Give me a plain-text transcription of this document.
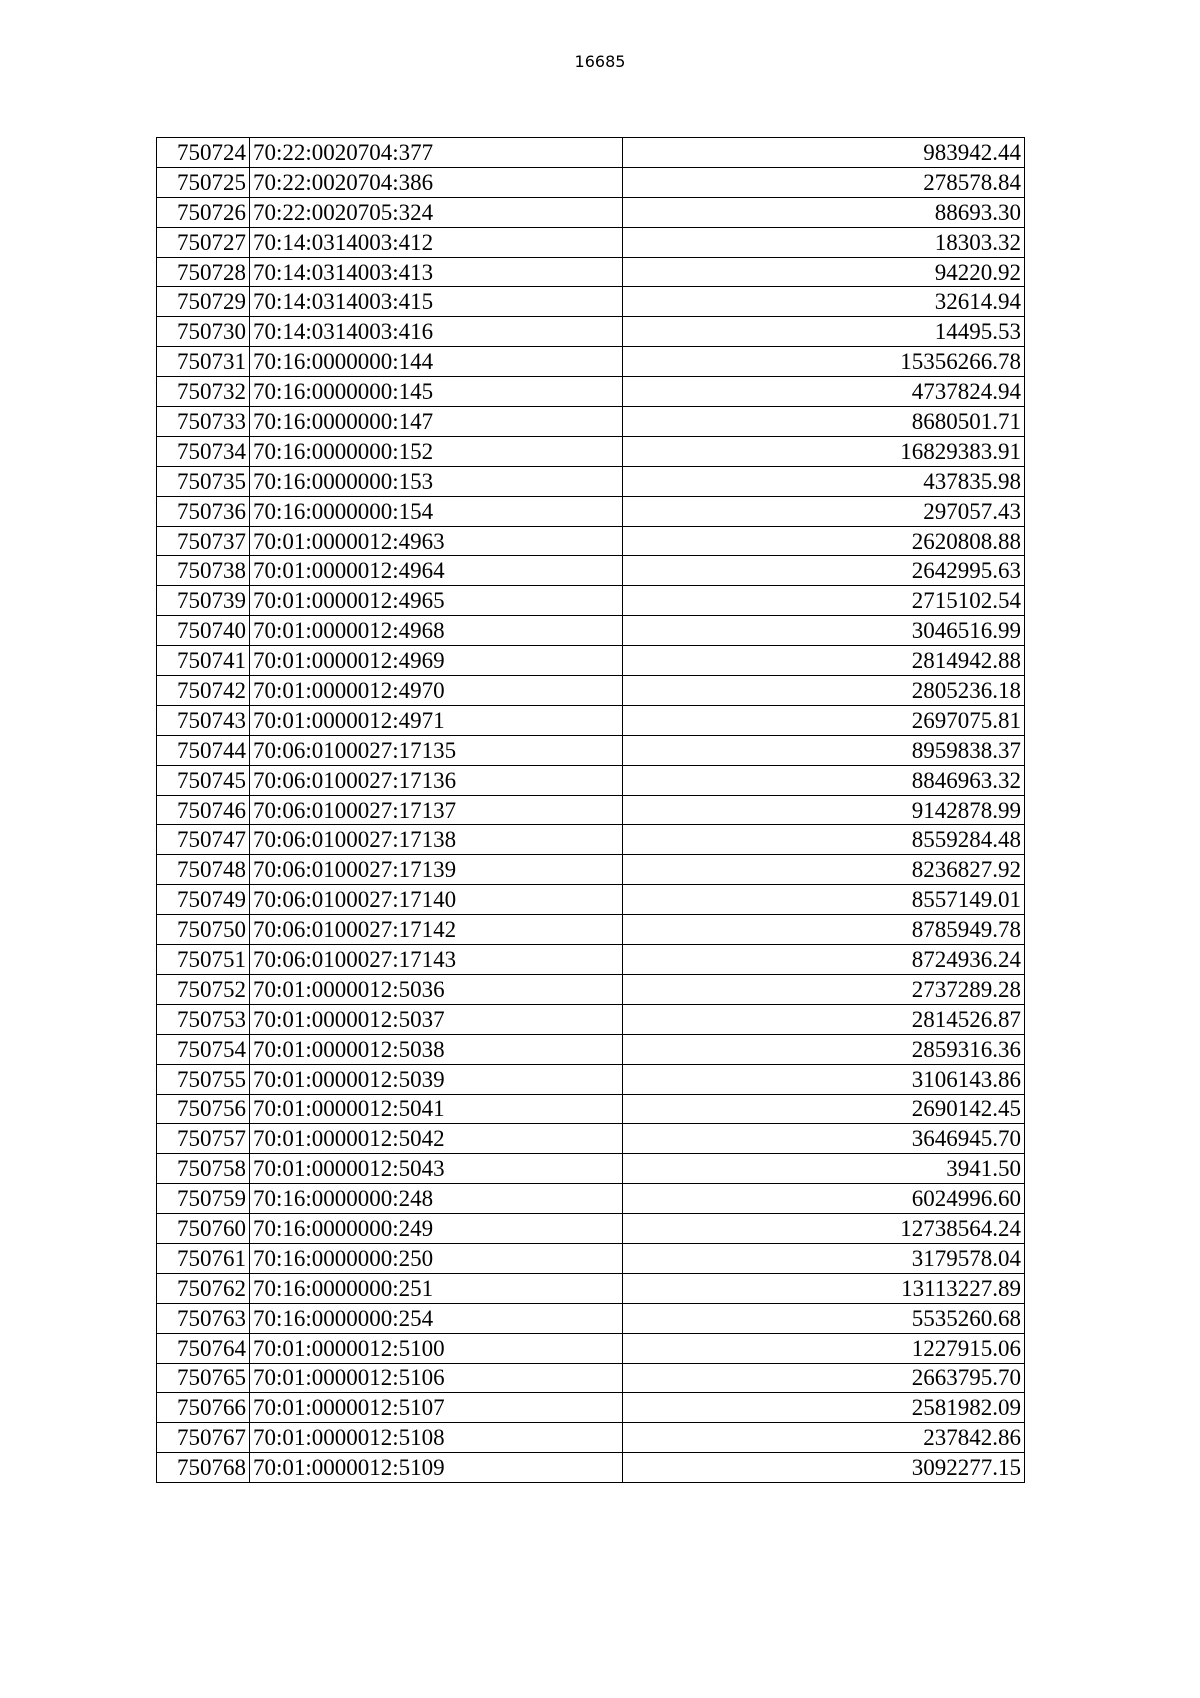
16685
750724	70:22:0020704:377	983942.44
750725	70:22:0020704:386	278578.84
750726	70:22:0020705:324	88693.30
750727	70:14:0314003:412	18303.32
750728	70:14:0314003:413	94220.92
750729	70:14:0314003:415	32614.94
750730	70:14:0314003:416	14495.53
750731	70:16:0000000:144	15356266.78
750732	70:16:0000000:145	4737824.94
750733	70:16:0000000:147	8680501.71
750734	70:16:0000000:152	16829383.91
750735	70:16:0000000:153	437835.98
750736	70:16:0000000:154	297057.43
750737	70:01:0000012:4963	2620808.88
750738	70:01:0000012:4964	2642995.63
750739	70:01:0000012:4965	2715102.54
750740	70:01:0000012:4968	3046516.99
750741	70:01:0000012:4969	2814942.88
750742	70:01:0000012:4970	2805236.18
750743	70:01:0000012:4971	2697075.81
750744	70:06:0100027:17135	8959838.37
750745	70:06:0100027:17136	8846963.32
750746	70:06:0100027:17137	9142878.99
750747	70:06:0100027:17138	8559284.48
750748	70:06:0100027:17139	8236827.92
750749	70:06:0100027:17140	8557149.01
750750	70:06:0100027:17142	8785949.78
750751	70:06:0100027:17143	8724936.24
750752	70:01:0000012:5036	2737289.28
750753	70:01:0000012:5037	2814526.87
750754	70:01:0000012:5038	2859316.36
750755	70:01:0000012:5039	3106143.86
750756	70:01:0000012:5041	2690142.45
750757	70:01:0000012:5042	3646945.70
750758	70:01:0000012:5043	3941.50
750759	70:16:0000000:248	6024996.60
750760	70:16:0000000:249	12738564.24
750761	70:16:0000000:250	3179578.04
750762	70:16:0000000:251	13113227.89
750763	70:16:0000000:254	5535260.68
750764	70:01:0000012:5100	1227915.06
750765	70:01:0000012:5106	2663795.70
750766	70:01:0000012:5107	2581982.09
750767	70:01:0000012:5108	237842.86
750768	70:01:0000012:5109	3092277.15
